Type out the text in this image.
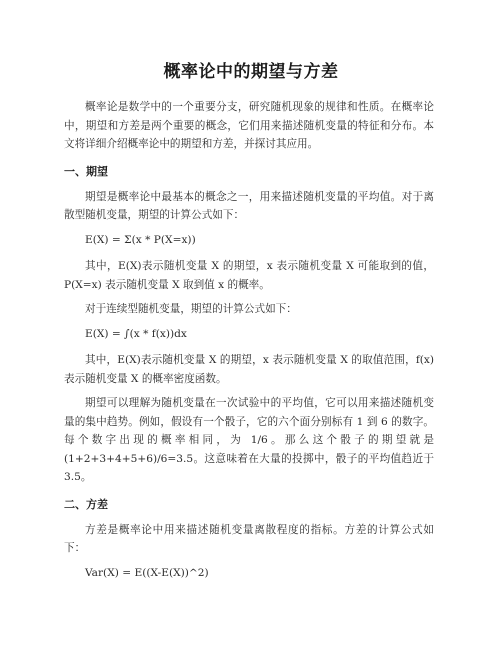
概率论中的期望与方差

概率论是数学中的一个重要分支，研究随机现象的规律和性质。在概率论中，期望和方差是两个重要的概念，它们用来描述随机变量的特征和分布。本文将详细介绍概率论中的期望和方差，并探讨其应用。

一、期望

期望是概率论中最基本的概念之一，用来描述随机变量的平均值。对于离散型随机变量，期望的计算公式如下：

E(X) = Σ(x * P(X=x))

其中，E(X)表示随机变量 X 的期望，x 表示随机变量 X 可能取到的值，P(X=x) 表示随机变量 X 取到值 x 的概率。

对于连续型随机变量，期望的计算公式如下：

E(X) = ∫(x * f(x))dx

其中，E(X)表示随机变量 X 的期望，x 表示随机变量 X 的取值范围，f(x)表示随机变量 X 的概率密度函数。

期望可以理解为随机变量在一次试验中的平均值，它可以用来描述随机变量的集中趋势。例如，假设有一个骰子，它的六个面分别标有 1 到 6 的数字。每个数字出现的概率相同，为 1/6。那么这个骰子的期望就是(1+2+3+4+5+6)/6=3.5。这意味着在大量的投掷中，骰子的平均值趋近于 3.5。

二、方差

方差是概率论中用来描述随机变量离散程度的指标。方差的计算公式如下：

Var(X) = E((X-E(X))^2)
